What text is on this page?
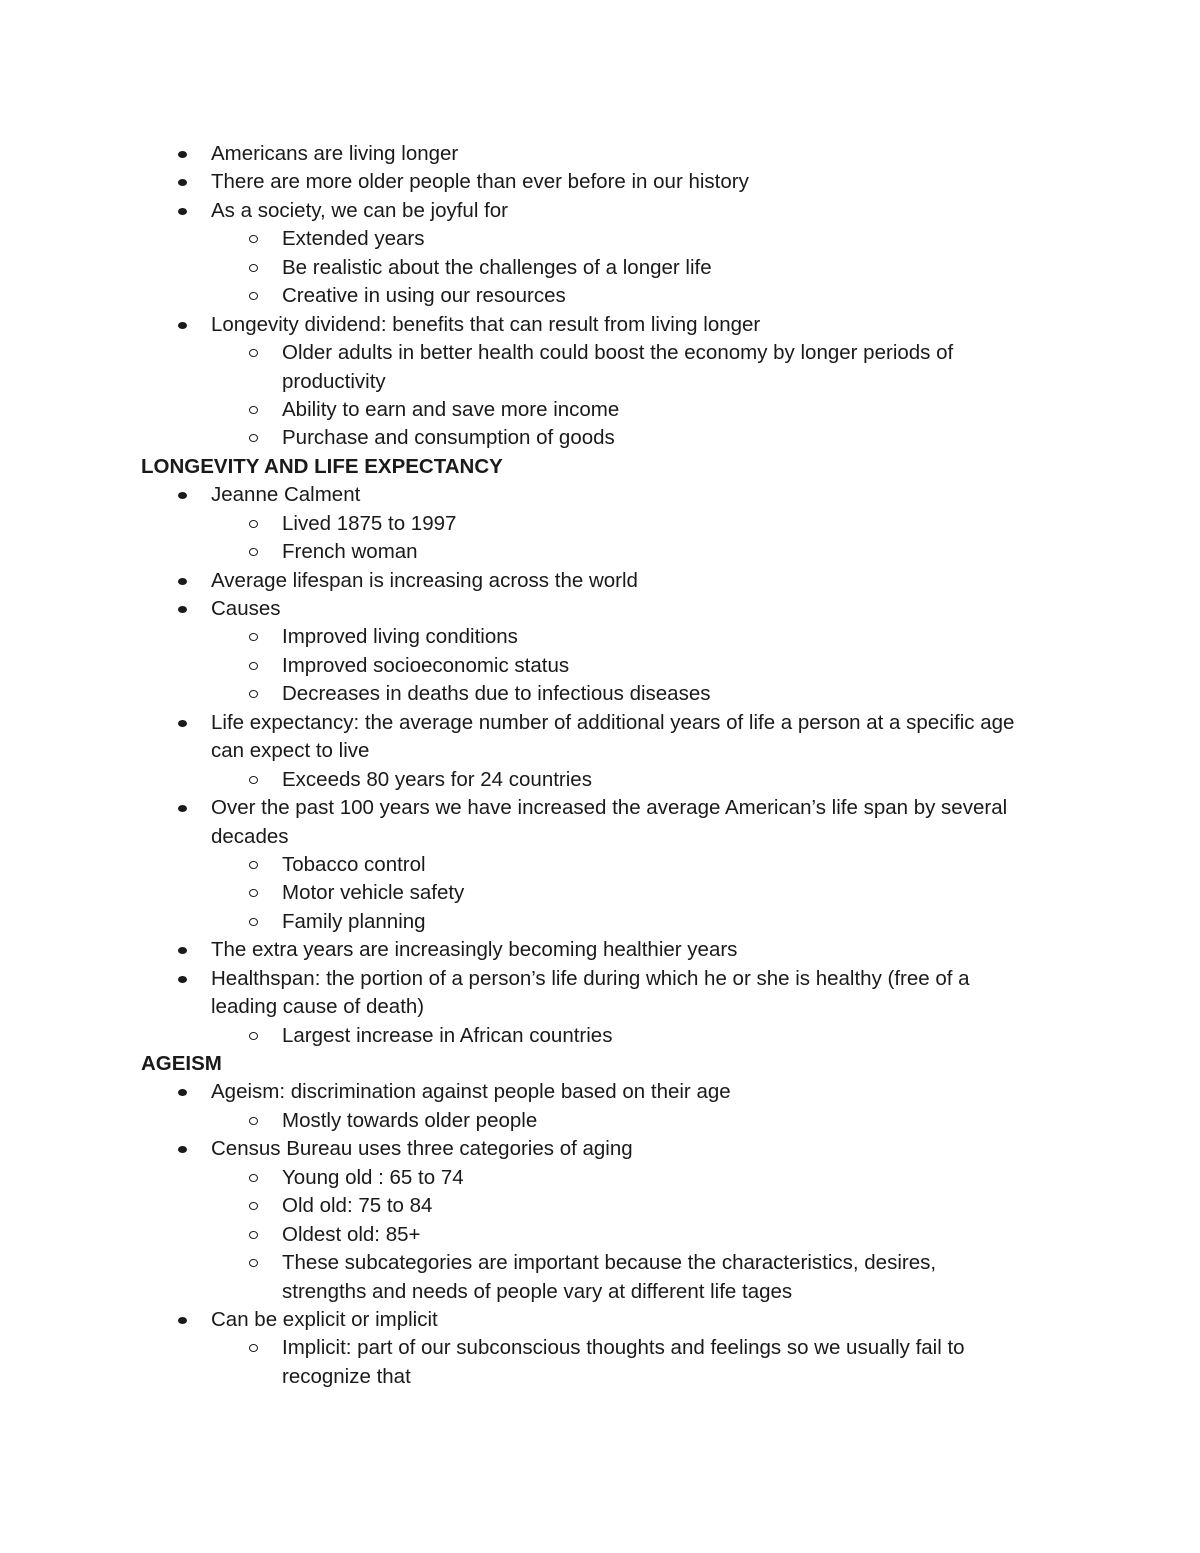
Americans are living longer
There are more older people than ever before in our history
As a society, we can be joyful for
Extended years
Be realistic about the challenges of a longer life
Creative in using our resources
Longevity dividend: benefits that can result from living longer
Older adults in better health could boost the economy by longer periods of
productivity
Ability to earn and save more income
Purchase and consumption of goods
LONGEVITY AND LIFE EXPECTANCY
Jeanne Calment
Lived 1875 to 1997
French woman
Average lifespan is increasing across the world
Causes
Improved living conditions
Improved socioeconomic status
Decreases in deaths due to infectious diseases
Life expectancy: the average number of additional years of life a person at a specific age
can expect to live
Exceeds 80 years for 24 countries
Over the past 100 years we have increased the average American’s life span by several
decades
Tobacco control
Motor vehicle safety
Family planning
The extra years are increasingly becoming healthier years
Healthspan: the portion of a person’s life during which he or she is healthy (free of a
leading cause of death)
Largest increase in African countries
AGEISM
Ageism: discrimination against people based on their age
Mostly towards older people
Census Bureau uses three categories of aging
Young old : 65 to 74
Old old: 75 to 84
Oldest old: 85+
These subcategories are important because the characteristics, desires,
strengths and needs of people vary at different life tages
Can be explicit or implicit
Implicit: part of our subconscious thoughts and feelings so we usually fail to
recognize that
